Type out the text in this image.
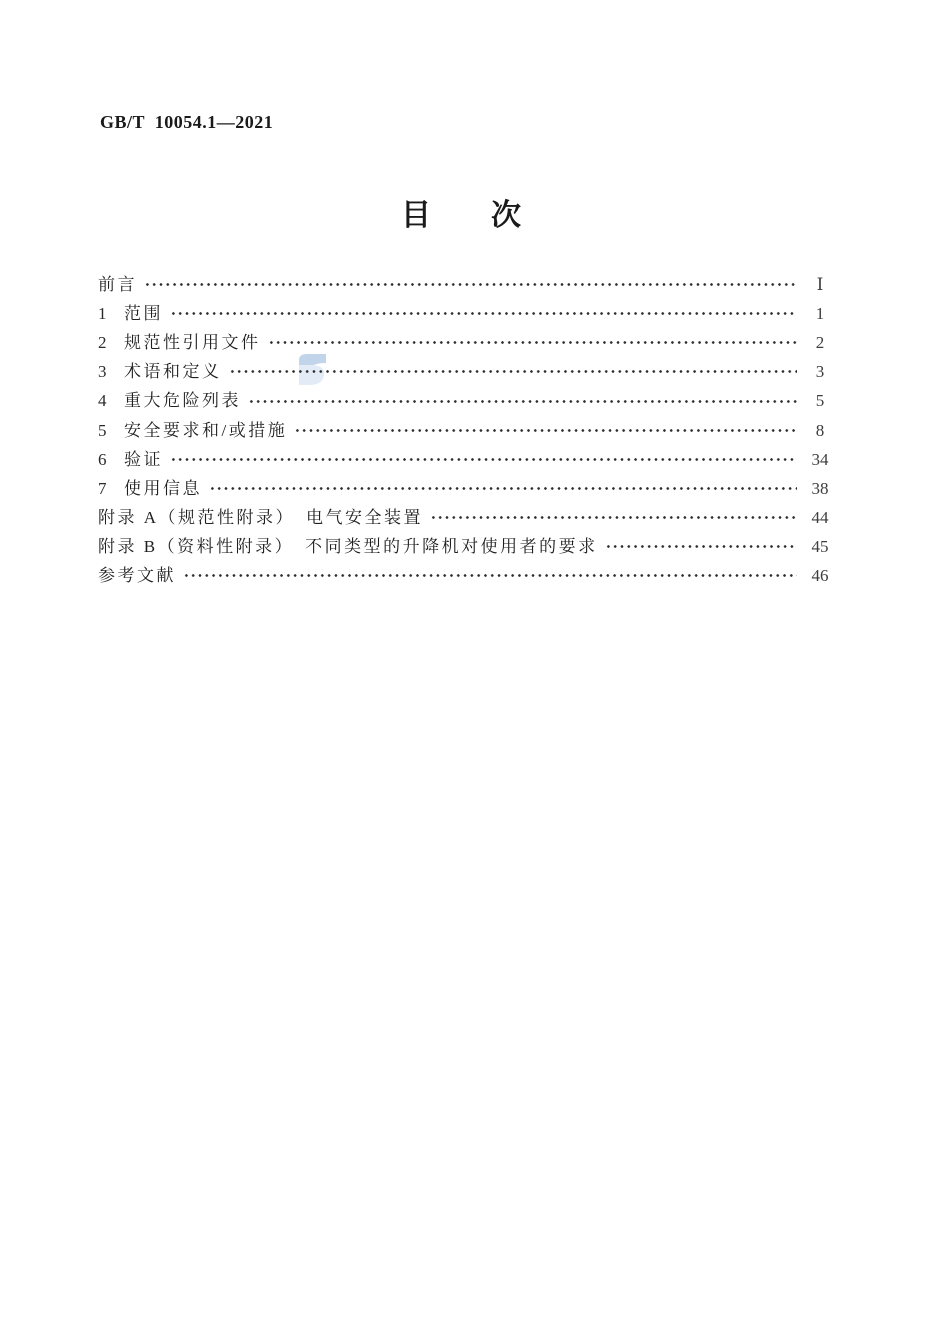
GB/T  10054.1—2021
目　　次
前言	Ⅰ
1	范围	1
2	规范性引用文件	2
3	术语和定义	3
4	重大危险列表	5
5	安全要求和/或措施	8
6	验证	34
7	使用信息	38
附录 A（规范性附录）　电气安全装置	44
附录 B（资料性附录）　不同类型的升降机对使用者的要求	45
参考文献	46
